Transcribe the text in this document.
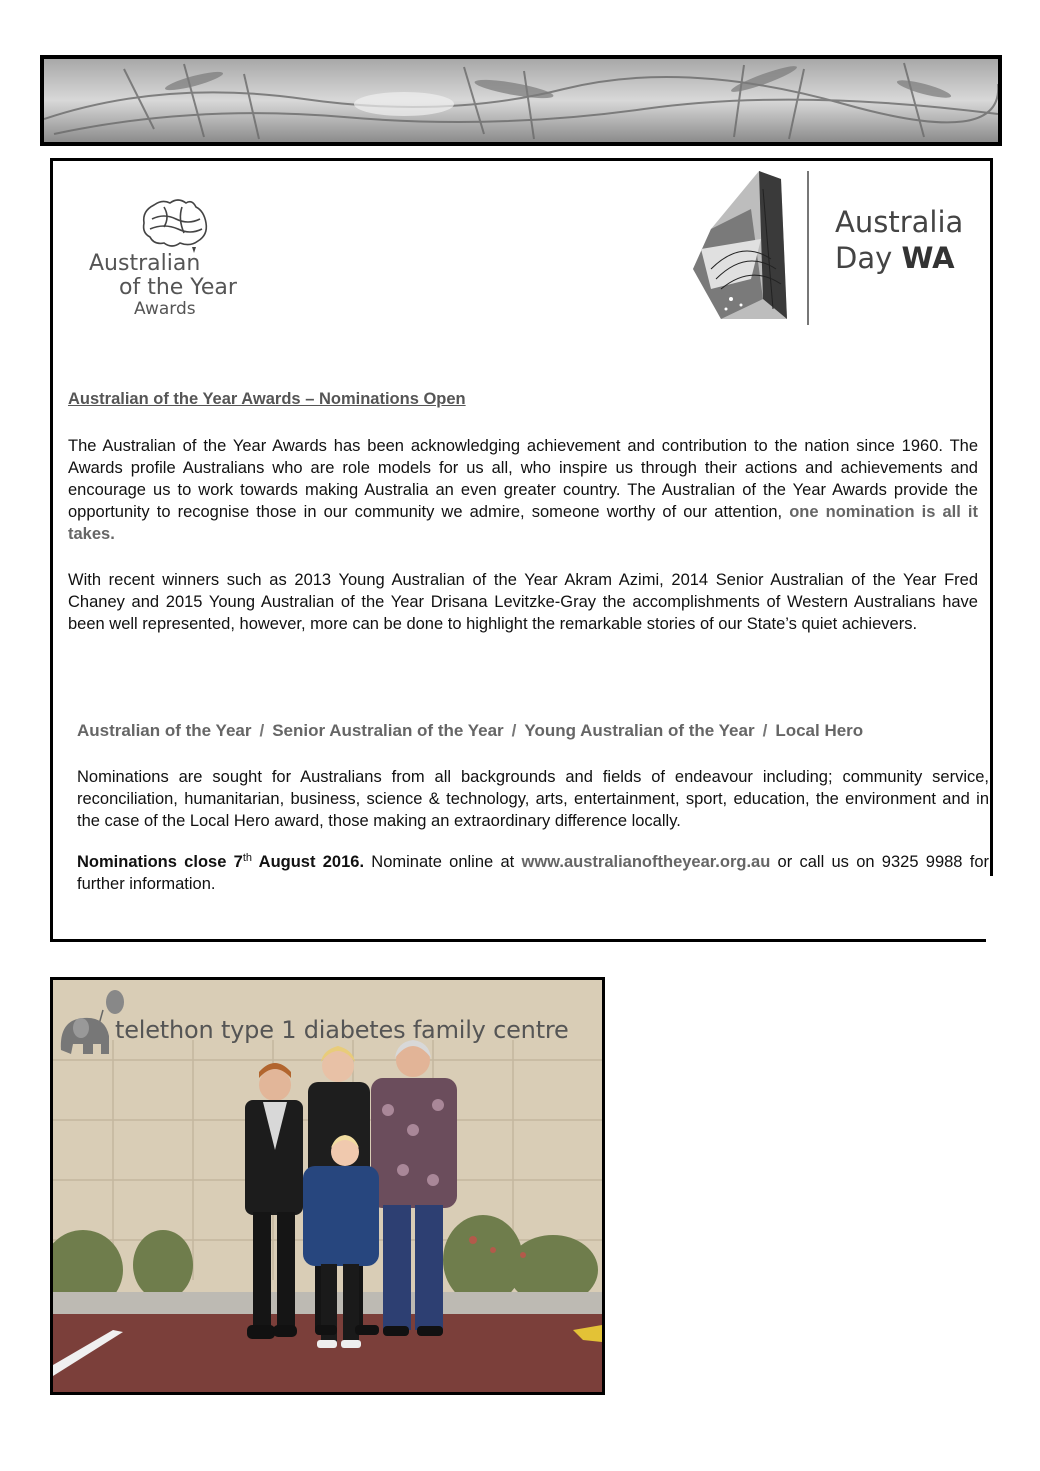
Australian
of the Year
Awards
Australia
Day WA
Australian of the Year Awards – Nominations Open
The Australian of the Year Awards has been acknowledging achievement and contribution to the nation since 1960. The Awards profile Australians who are role models for us all, who inspire us through their actions and achievements and encourage us to work towards making Australia an even greater country. The Australian of the Year Awards provide the opportunity to recognise those in our community we admire, someone worthy of our attention, one nomination is all it takes.
With recent winners such as 2013 Young Australian of the Year Akram Azimi, 2014 Senior Australian of the Year Fred Chaney and 2015 Young Australian of the Year Drisana Levitzke-Gray the accomplishments of Western Australians have been well represented, however, more can be done to highlight the remarkable stories of our State’s quiet achievers.
Australian of the Year / Senior Australian of the Year / Young Australian of the Year / Local Hero
Nominations are sought for Australians from all backgrounds and fields of endeavour including; community service, reconciliation, humanitarian, business, science & technology, arts, entertainment, sport, education, the environment and in the case of the Local Hero award, those making an extraordinary difference locally.
Nominations close 7th August 2016. Nominate online at www.australianoftheyear.org.au or call us on 9325 9988 for further information.
telethon type 1 diabetes family centre
